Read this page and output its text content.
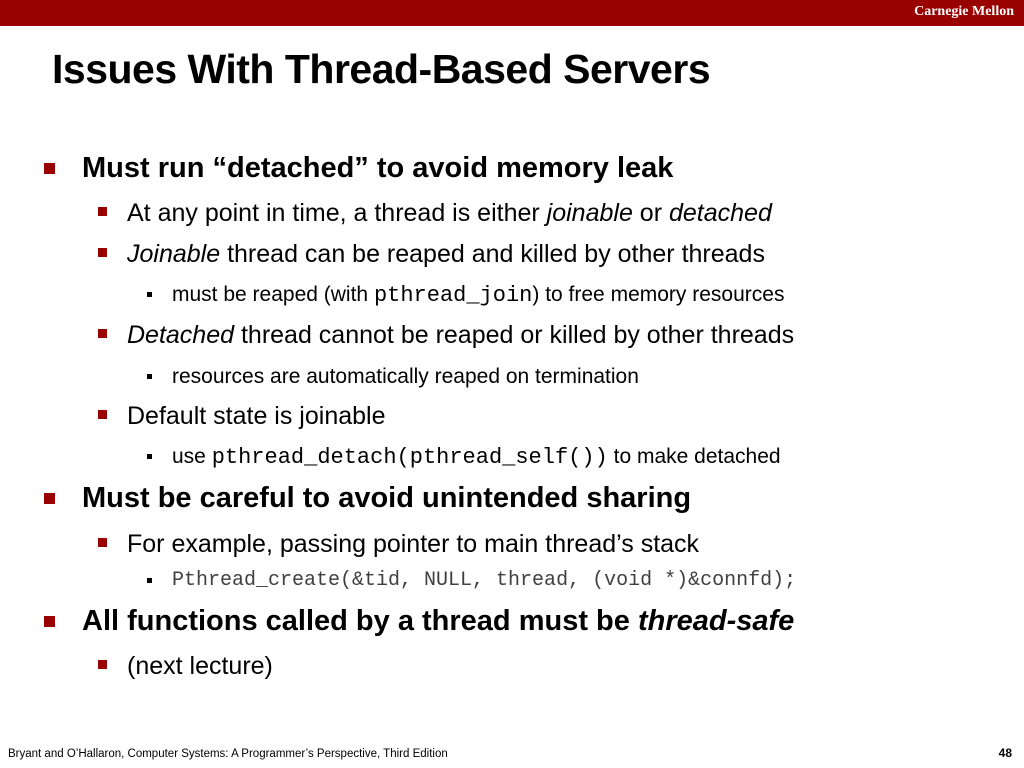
Carnegie Mellon
Issues With Thread-Based Servers
Must run “detached” to avoid memory leak
At any point in time, a thread is either joinable or detached
Joinable thread can be reaped and killed by other threads
must be reaped (with pthread_join) to free memory resources
Detached thread cannot be reaped or killed by other threads
resources are automatically reaped on termination
Default state is joinable
use pthread_detach(pthread_self()) to make detached
Must be careful to avoid unintended sharing
For example, passing pointer to main thread’s stack
Pthread_create(&tid, NULL, thread, (void *)&connfd);
All functions called by a thread must be thread-safe
(next lecture)
Bryant and O’Hallaron, Computer Systems: A Programmer’s Perspective, Third Edition	48
